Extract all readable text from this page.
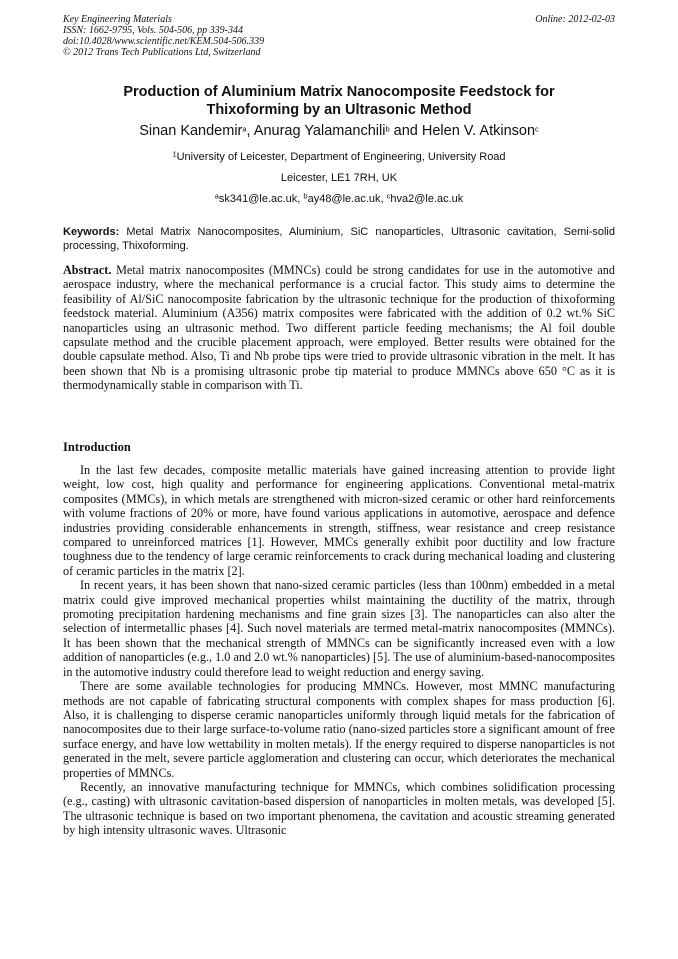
Key Engineering Materials
ISSN: 1662-9795, Vols. 504-506, pp 339-344
doi:10.4028/www.scientific.net/KEM.504-506.339
© 2012 Trans Tech Publications Ltd, Switzerland
Online: 2012-02-03
Production of Aluminium Matrix Nanocomposite Feedstock for
Thixoforming by an Ultrasonic Method
Sinan Kandemir$^a$, Anurag Yalamanchili$^b$ and Helen V. Atkinson$^c$
$^1$University of Leicester, Department of Engineering, University Road
Leicester, LE1 7RH, UK
$^a$sk341@le.ac.uk, $^b$ay48@le.ac.uk, $^c$hva2@le.ac.uk
Keywords: Metal Matrix Nanocomposites, Aluminium, SiC nanoparticles, Ultrasonic cavitation, Semi-solid processing, Thixoforming.
Abstract. Metal matrix nanocomposites (MMNCs) could be strong candidates for use in the automotive and aerospace industry, where the mechanical performance is a crucial factor. This study aims to determine the feasibility of Al/SiC nanocomposite fabrication by the ultrasonic technique for the production of thixoforming feedstock material. Aluminium (A356) matrix composites were fabricated with the addition of 0.2 wt.% SiC nanoparticles using an ultrasonic method. Two different particle feeding mechanisms; the Al foil double capsulate method and the crucible placement approach, were employed. Better results were obtained for the double capsulate method. Also, Ti and Nb probe tips were tried to provide ultrasonic vibration in the melt. It has been shown that Nb is a promising ultrasonic probe tip material to produce MMNCs above 650 °C as it is thermodynamically stable in comparison with Ti.
Introduction

In the last few decades, composite metallic materials have gained increasing attention to provide light weight, low cost, high quality and performance for engineering applications. Conventional metal-matrix composites (MMCs), in which metals are strengthened with micron-sized ceramic or other hard reinforcements with volume fractions of 20% or more, have found various applications in automotive, aerospace and defence industries providing considerable enhancements in strength, stiffness, wear resistance and creep resistance compared to unreinforced matrices [1]. However, MMCs generally exhibit poor ductility and low fracture toughness due to the tendency of large ceramic reinforcements to crack during mechanical loading and clustering of ceramic particles in the matrix [2].

In recent years, it has been shown that nano-sized ceramic particles (less than 100nm) embedded in a metal matrix could give improved mechanical properties whilst maintaining the ductility of the matrix, through promoting precipitation hardening mechanisms and fine grain sizes [3]. The nanoparticles can also alter the selection of intermetallic phases [4]. Such novel materials are termed metal-matrix nanocomposites (MMNCs). It has been shown that the mechanical strength of MMNCs can be significantly increased even with a low addition of nanoparticles (e.g., 1.0 and 2.0 wt.% nanoparticles) [5]. The use of aluminium-based-nanocomposites in the automotive industry could therefore lead to weight reduction and energy saving.

There are some available technologies for producing MMNCs. However, most MMNC manufacturing methods are not capable of fabricating structural components with complex shapes for mass production [6]. Also, it is challenging to disperse ceramic nanoparticles uniformly through liquid metals for the fabrication of nanocomposites due to their large surface-to-volume ratio (nano-sized particles store a significant amount of free surface energy, and have low wettability in molten metals). If the energy required to disperse nanoparticles is not generated in the melt, severe particle agglomeration and clustering can occur, which deteriorates the mechanical properties of MMNCs.

Recently, an innovative manufacturing technique for MMNCs, which combines solidification processing (e.g., casting) with ultrasonic cavitation-based dispersion of nanoparticles in molten metals, was developed [5]. The ultrasonic technique is based on two important phenomena, the cavitation and acoustic streaming generated by high intensity ultrasonic waves. Ultrasonic
